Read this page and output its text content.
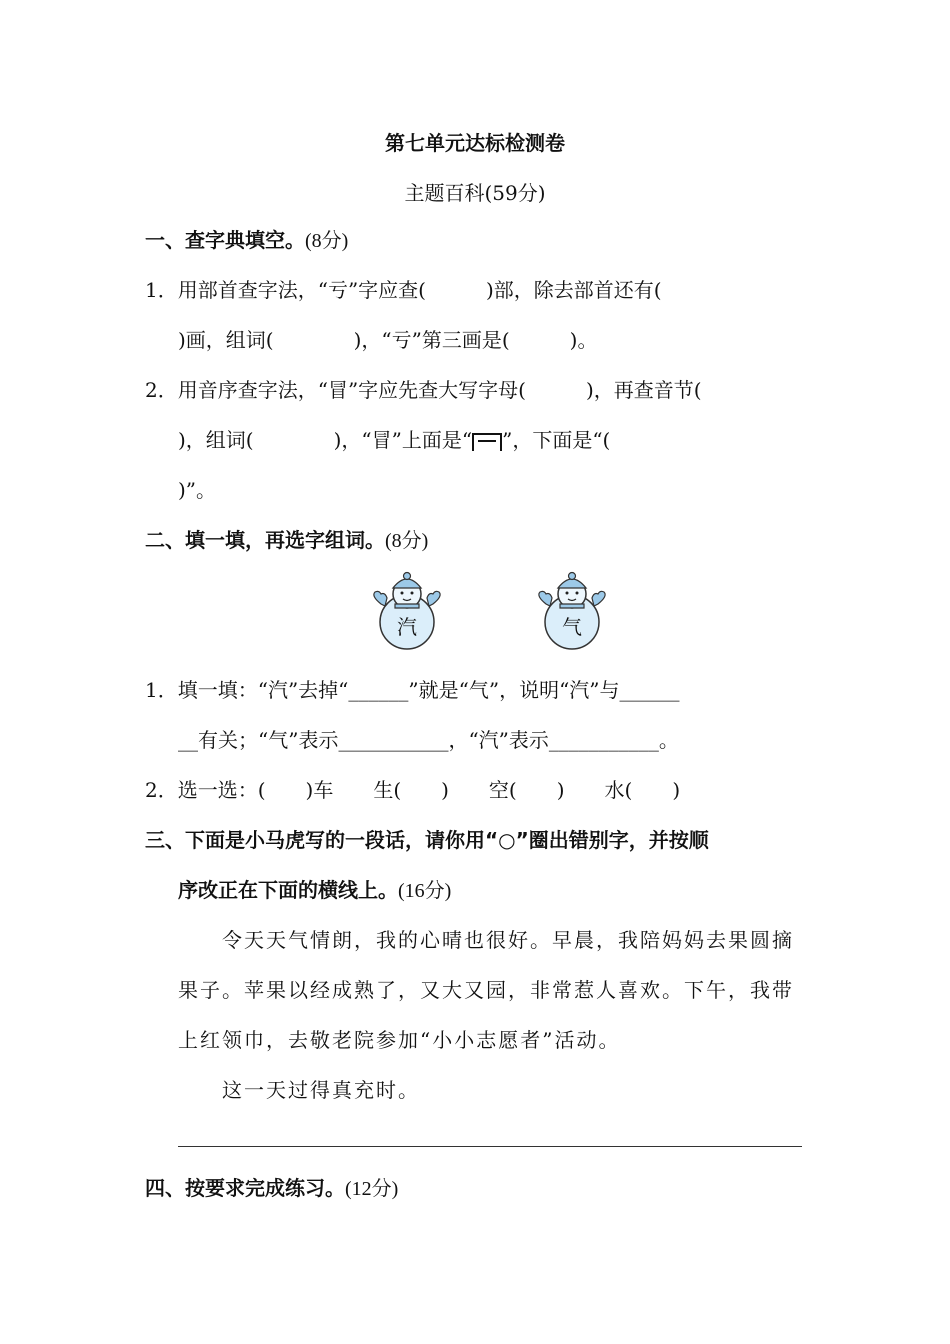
第七单元达标检测卷
主题百科(59分)
一、查字典填空。(8分)
1．用部首查字法，“亏”字应查(　　　)部，除去部首还有(
)画，组词(　　　　)，“亏”第三画是(　　　)。
2．用音序查字法，“冒”字应先查大写字母(　　　)，再查音节(
)，组词(　　　　)，“冒”上面是“ ”，下面是“(
)”。
二、填一填，再选字组词。(8分)
汽	气
1．填一填：“汽”去掉“______”就是“气”，说明“汽”与______
__有关；“气”表示___________，“汽”表示___________。
2．选一选：(　　)车　　生(　　)　　空(　　)　　水(　　)
三、下面是小马虎写的一段话，请你用“○”圈出错别字，并按顺
序改正在下面的横线上。(16分)
令天天气情朗，我的心晴也很好。早晨，我陪妈妈去果圆摘
果子。苹果以经成熟了，又大又园，非常惹人喜欢。下午，我带
上红领巾，去敬老院参加“小小志愿者”活动。
这一天过得真充时。
四、按要求完成练习。(12分)
